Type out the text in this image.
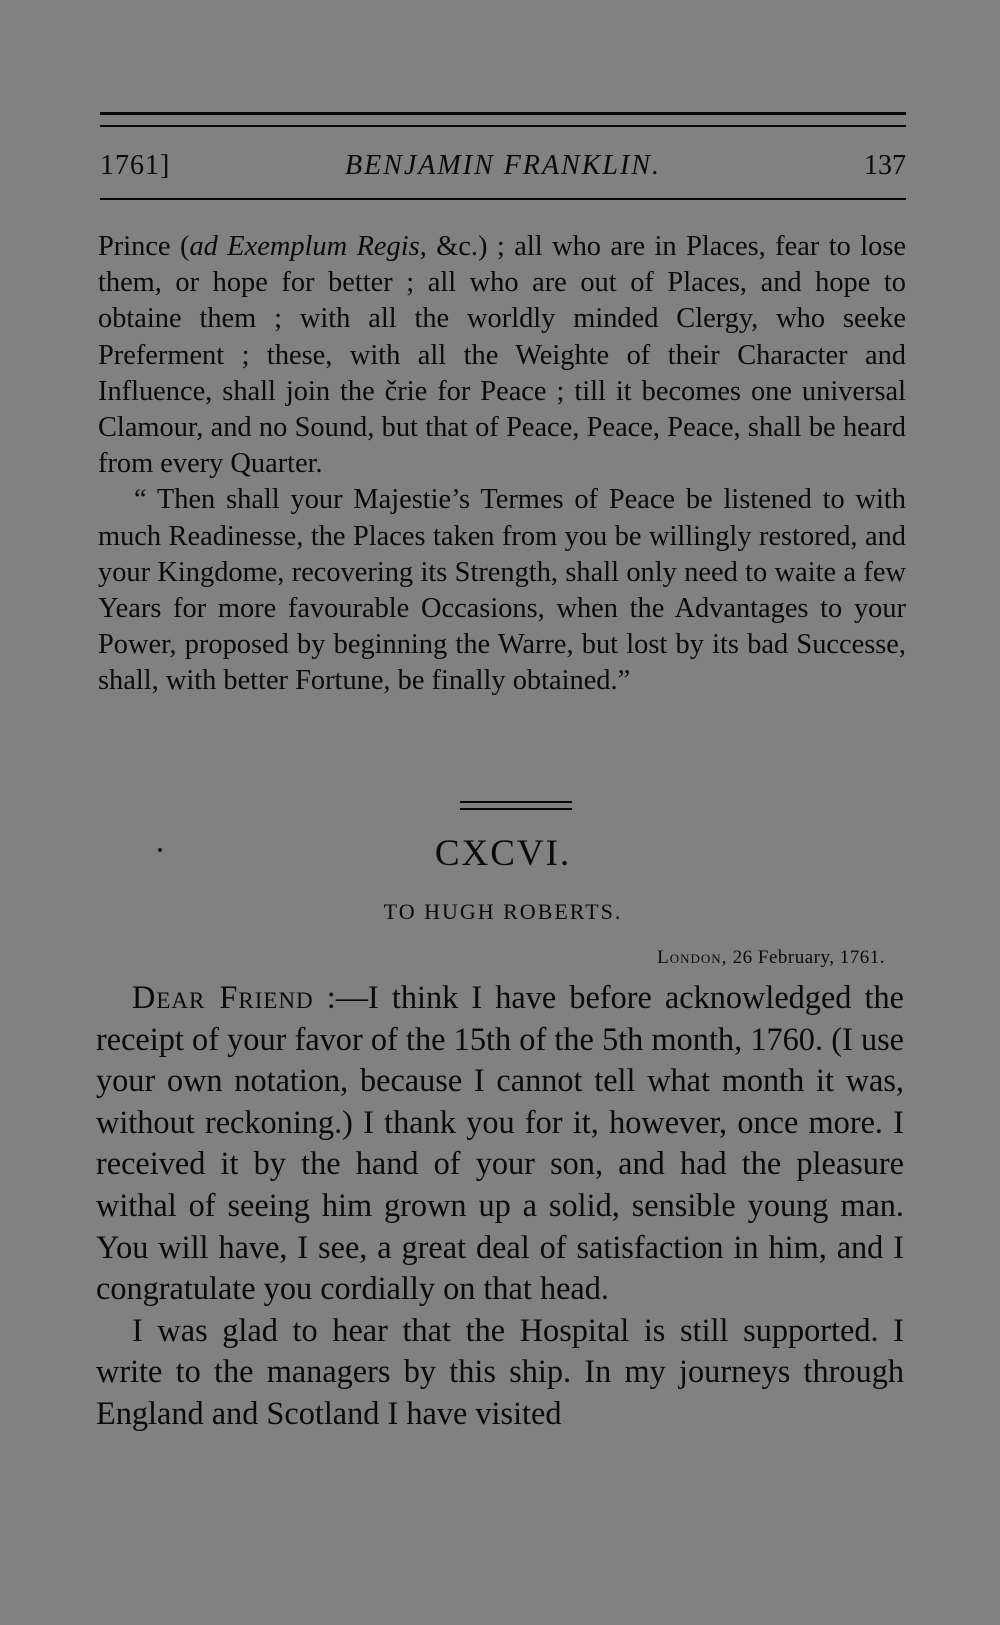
1761]	BENJAMIN FRANKLIN.	137

Prince (ad Exemplum Regis, &c.) ; all who are in Places, fear to lose them, or hope for better ; all who are out of Places, and hope to obtaine them ; with all the worldly minded Clergy, who seeke Preferment ; these, with all the Weighte of their Character and Influence, shall join the črie for Peace ; till it becomes one universal Clamour, and no Sound, but that of Peace, Peace, Peace, shall be heard from every Quarter.

“ Then shall your Majestie’s Termes of Peace be listened to with much Readinesse, the Places taken from you be willingly restored, and your Kingdome, recovering its Strength, shall only need to waite a few Years for more favourable Occasions, when the Advantages to your Power, proposed by beginning the Warre, but lost by its bad Successe, shall, with better Fortune, be finally obtained.”

CXCVI.
TO HUGH ROBERTS.
London, 26 February, 1761.

Dear Friend :—I think I have before acknowledged the receipt of your favor of the 15th of the 5th month, 1760. (I use your own notation, because I cannot tell what month it was, without reckoning.) I thank you for it, however, once more. I received it by the hand of your son, and had the pleasure withal of seeing him grown up a solid, sensible young man. You will have, I see, a great deal of satisfaction in him, and I congratulate you cordially on that head.

I was glad to hear that the Hospital is still supported. I write to the managers by this ship. In my journeys through England and Scotland I have visited
